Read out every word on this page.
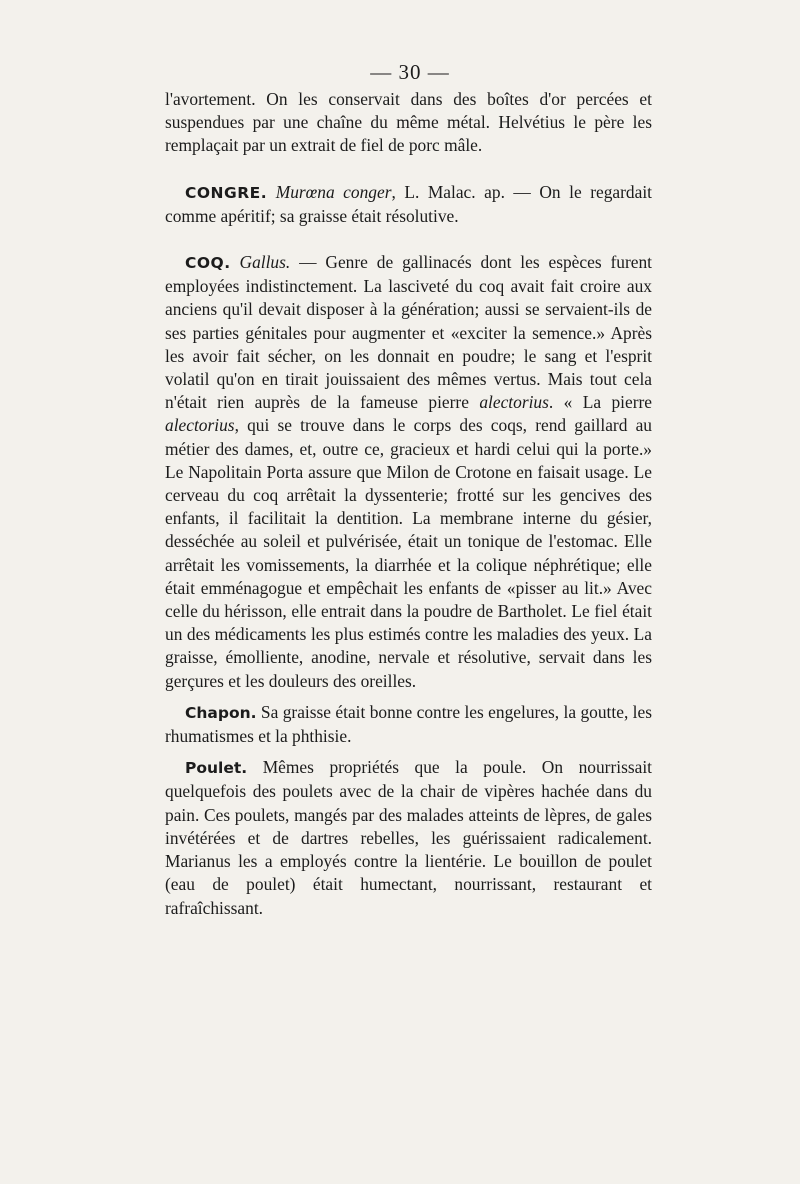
— 30 —

l'avortement. On les conservait dans des boîtes d'or percées et suspendues par une chaîne du même métal. Helvétius le père les remplaçait par un extrait de fiel de porc mâle.

CONGRE. Murœna conger, L. Malac. ap. — On le regardait comme apéritif; sa graisse était résolutive.

COQ. Gallus. — Genre de gallinacés dont les espèces furent employées indistinctement. La lasciveté du coq avait fait croire aux anciens qu'il devait disposer à la génération; aussi se servaient-ils de ses parties génitales pour augmenter et «exciter la semence.» Après les avoir fait sécher, on les donnait en poudre; le sang et l'esprit volatil qu'on en tirait jouissaient des mêmes vertus. Mais tout cela n'était rien auprès de la fameuse pierre alectorius. « La pierre alectorius, qui se trouve dans le corps des coqs, rend gaillard au métier des dames, et, outre ce, gracieux et hardi celui qui la porte.» Le Napolitain Porta assure que Milon de Crotone en faisait usage. Le cerveau du coq arrêtait la dyssenterie; frotté sur les gencives des enfants, il facilitait la dentition. La membrane interne du gésier, desséchée au soleil et pulvérisée, était un tonique de l'estomac. Elle arrêtait les vomissements, la diarrhée et la colique néphrétique; elle était emménagogue et empêchait les enfants de «pisser au lit.» Avec celle du hérisson, elle entrait dans la poudre de Bartholet. Le fiel était un des médicaments les plus estimés contre les maladies des yeux. La graisse, émolliente, anodine, nervale et résolutive, servait dans les gerçures et les douleurs des oreilles.

Chapon. Sa graisse était bonne contre les engelures, la goutte, les rhumatismes et la phthisie.

Poulet. Mêmes propriétés que la poule. On nourrissait quelquefois des poulets avec de la chair de vipères hachée dans du pain. Ces poulets, mangés par des malades atteints de lèpres, de gales invétérées et de dartres rebelles, les guérissaient radicalement. Marianus les a employés contre la lientérie. Le bouillon de poulet (eau de poulet) était humectant, nourrissant, restaurant et rafraîchissant.
